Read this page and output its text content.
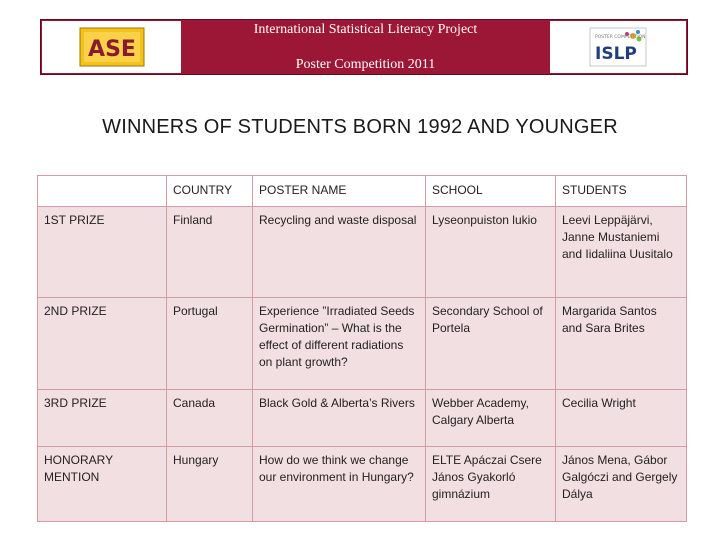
ASE
International Statistical Literacy Project
Poster Competition 2011
POSTER COMPETITION
ISLP
WINNERS OF STUDENTS BORN 1992 AND YOUNGER
	COUNTRY	POSTER NAME	SCHOOL	STUDENTS
1ST PRIZE	Finland	Recycling and waste disposal	Lyseonpuiston lukio	Leevi Leppäjärvi, Janne Mustaniemi and Iidaliina Uusitalo
2ND PRIZE	Portugal	Experience ”Irradiated Seeds Germination” – What is the effect of different radiations on plant growth?	Secondary School of Portela	Margarida Santos and Sara Brites
3RD PRIZE	Canada	Black Gold & Alberta’s Rivers	Webber Academy, Calgary Alberta	Cecilia Wright
HONORARY MENTION	Hungary	How do we think we change our environment in Hungary?	ELTE Apáczai Csere János Gyakorló gimnázium	János Mena, Gábor Galgóczi and Gergely Dálya
